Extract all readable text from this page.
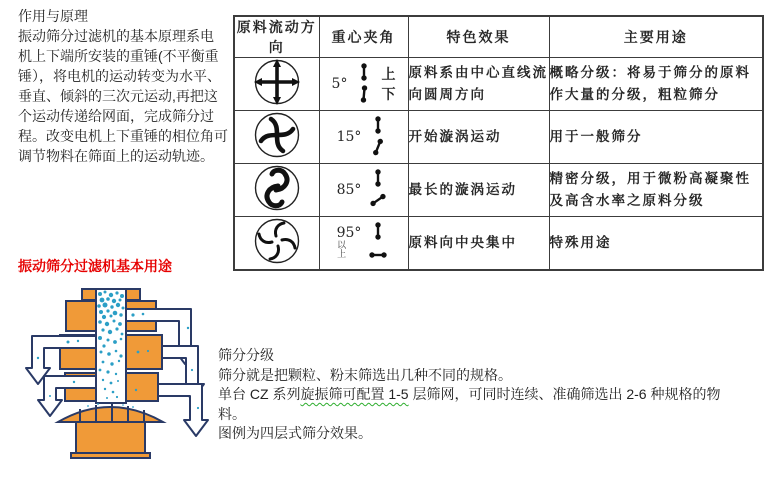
作用与原理
振动筛分过滤机的基本原理系电
机上下端所安装的重锤(不平衡重
锤），将电机的运动转变为水平、
垂直、倾斜的三次元运动,再把这
个运动传递给网面，完成筛分过
程。改变电机上下重锤的相位角可
调节物料在筛面上的运动轨迹。
原料流动方向	重心夹角	特色效果	主要用途

5°
上
下	原料系由中心直线流向圆周方向	概略分级：将易于筛分的原料作大量的分级，粗粒筛分

15°	开始漩涡运动	用于一般筛分

85°	最长的漩涡运动	精密分级，用于微粉高凝聚性及高含水率之原料分级

95°
以上	原料向中央集中	特殊用途
振动筛分过滤机基本用途
筛分分级
筛分就是把颗粒、粉末筛选出几种不同的规格。
单台 CZ 系列旋振筛可配置 1-5 层筛网，可同时连续、准确筛选出 2-6 种规格的物
料。
图例为四层式筛分效果。
